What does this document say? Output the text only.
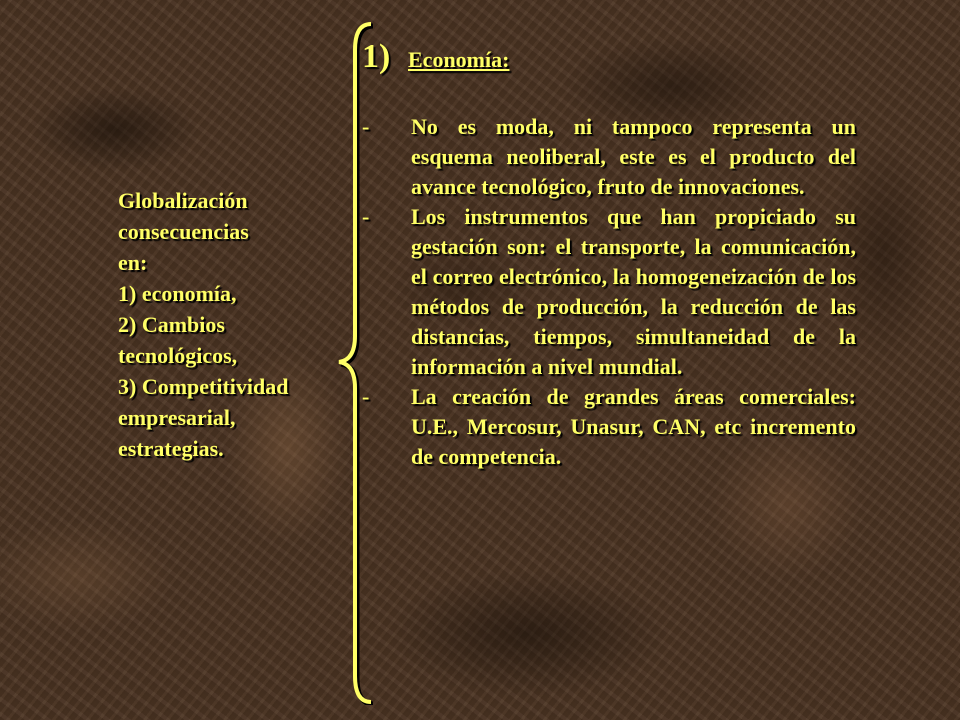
Globalización
consecuencias
en:
1) economía,
2) Cambios
tecnológicos,
3) Competitividad
empresarial,
estrategias.
1) Economía:
-	No es moda, ni tampoco representa un esquema neoliberal, este es el producto del avance tecnológico, fruto de innovaciones.
-	Los instrumentos que han propiciado su gestación son: el transporte, la comunicación, el correo electrónico, la homogeneización de los métodos de producción, la reducción de las distancias, tiempos, simultaneidad de la información a nivel mundial.
-	La creación de grandes áreas comerciales: U.E., Mercosur, Unasur, CAN, etc incremento de competencia.
